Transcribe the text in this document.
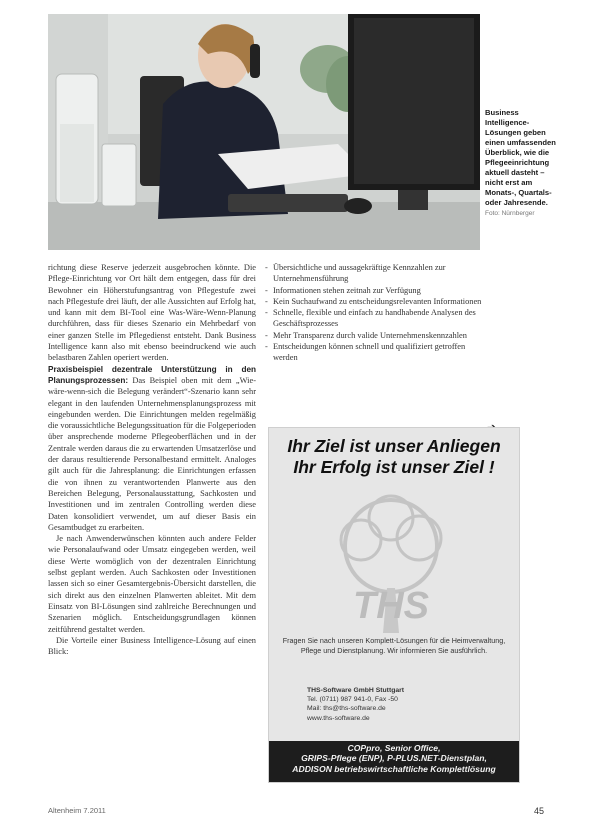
Business Intelligence-Lösungen geben einen umfassenden Überblick, wie die Pflegeeinrichtung aktuell dasteht – nicht erst am Monats-, Quartals- oder Jahresende.
Foto: Nürnberger

richtung diese Reserve jederzeit ausgebrochen könnte. Die Pflege-Einrichtung vor Ort hält dem entgegen, dass für drei Bewohner ein Höherstufungsantrag von Pflegestufe zwei nach Pflegestufe drei läuft, der alle Aussichten auf Erfolg hat, und kann mit dem BI-Tool eine Was-Wäre-Wenn-Planung durchführen, dass für dieses Szenario ein Mehrbedarf von einer ganzen Stelle im Pflegedienst entsteht. Dank Business Intelligence kann also mit ebenso beeindruckend wie auch belastbaren Zahlen operiert werden.

Praxisbeispiel dezentrale Unterstützung in den Planungsprozessen: Das Beispiel oben mit dem „Wie-wäre-wenn-sich die Belegung verändert“-Szenario kann sehr elegant in den laufenden Unternehmensplanungsprozess mit eingebunden werden. Die Einrichtungen melden regelmäßig die voraussichtliche Belegungssituation für die Folgeperioden über ansprechende moderne Pflegeoberflächen und in der Zentrale werden daraus die zu erwartenden Umsatzerlöse und der daraus resultierende Personalbestand ermittelt. Analoges gilt auch für die Jahresplanung: die Einrichtungen erfassen die von ihnen zu verantwortenden Planwerte aus den Bereichen Belegung, Personalausstattung, Sachkosten und Investitionen und im zentralen Controlling werden diese Daten konsolidiert verwendet, um auf dieser Basis ein Gesamtbudget zu erarbeiten.

Je nach Anwenderwünschen könnten auch andere Felder wie Personalaufwand oder Umsatz eingegeben werden, weil diese Werte womöglich von der dezentralen Einrichtung selbst geplant werden. Auch Sachkosten oder Investitionen lassen sich so einer Gesamtergebnis-Übersicht darstellen, die sich direkt aus den einzelnen Planwerten ableitet. Mit dem Einsatz von BI-Lösungen sind zahlreiche Berechnungen und Szenarien möglich. Entscheidungsgrundlagen können zeitführend gestaltet werden.

Die Vorteile einer Business Intelligence-Lösung auf einen Blick:

- Übersichtliche und aussagekräftige Kennzahlen zur Unternehmensführung
- Informationen stehen zeitnah zur Verfügung
- Kein Suchaufwand zu entscheidungsrelevanten Informationen
- Schnelle, flexible und einfach zu handhabende Analysen des Geschäftsprozesses
- Mehr Transparenz durch valide Unternehmenskennzahlen
- Entscheidungen können schnell und qualifiziert getroffen werden
Ihr Ziel ist unser Anliegen
Ihr Erfolg ist unser Ziel !
THS
Fragen Sie nach unseren Komplett-Lösungen für die Heimverwaltung, Pflege und Dienstplanung. Wir informieren Sie ausführlich.
THS-Software GmbH Stuttgart
Tel. (0711) 987 941-0, Fax -50
Mail: ths@ths-software.de
www.ths-software.de
COPpro, Senior Office,
GRIPS-Pflege (ENP), P-PLUS.NET-Dienstplan,
ADDISON betriebswirtschaftliche Komplettlösung
Altenheim 7.2011	45
